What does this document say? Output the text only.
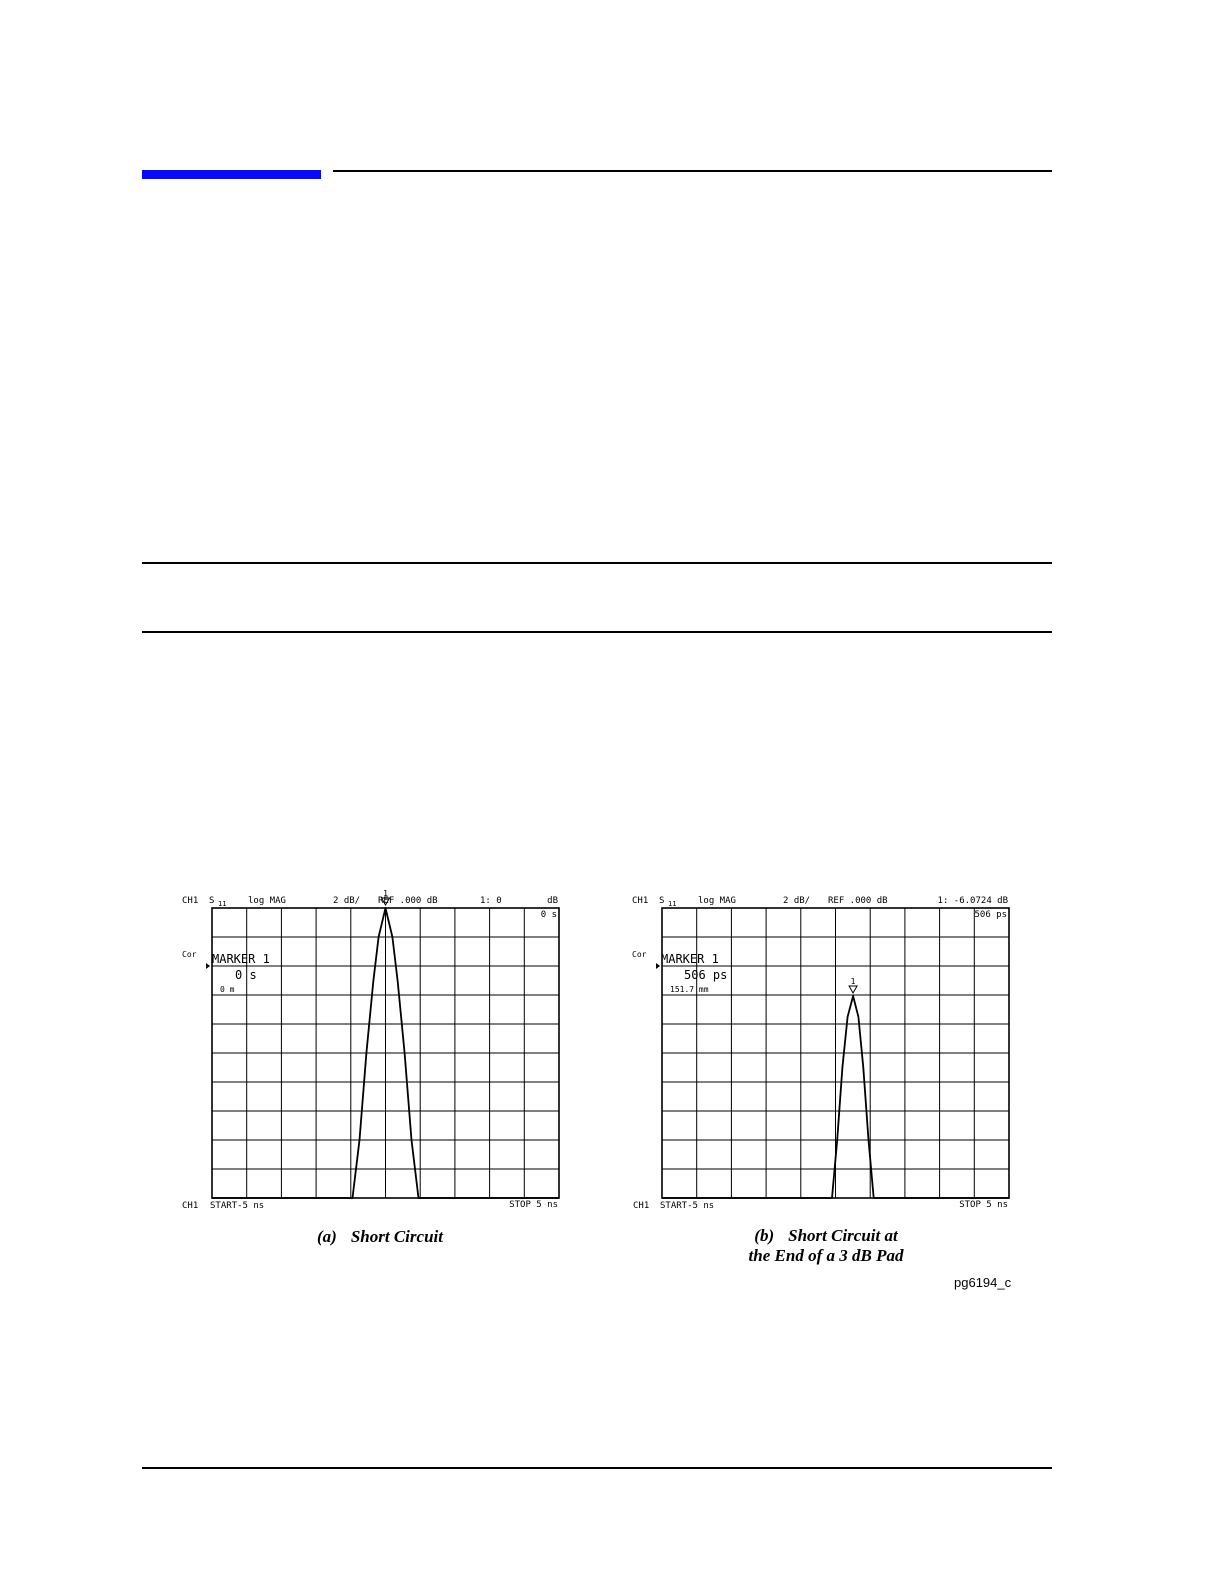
CH1 S 11 log MAG	2 dB/ REF .000 dB	1: 0	dB
0 s
Cor MARKER 1
0 s
0 m
CH1 START-5 ns	STOP 5 ns
1
(a) Short Circuit
CH1 S 11 log MAG	2 dB/ REF .000 dB	1: -6.0724 dB
506 ps
Cor MARKER 1
506 ps
151.7 mm
CH1 START-5 ns	STOP 5 ns
1
(b) Short Circuit at
the End of a 3 dB Pad
pg6194_c
